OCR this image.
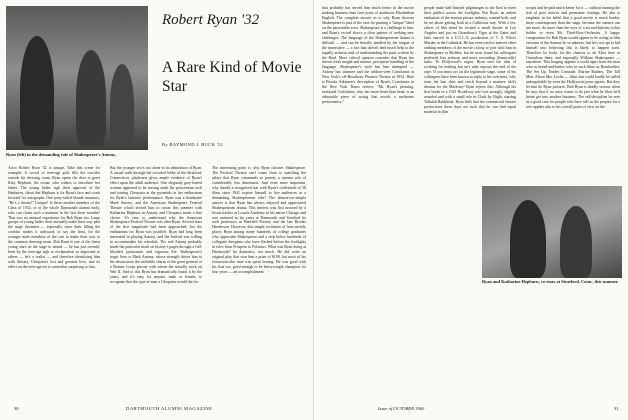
Ryan (left) in the demanding role of Shakespeare's Antony.
Robert Ryan '32
A Rare Kind of Movie Star
By RAYMOND J. BUCK '52
Actor Robert Ryan '32 is unique. Take this scene for example: A crowd of teen-age girls fills the corridor outside his dressing room. Ryan opens the door to greet Katy Hepburn, his costar, who wishes to introduce her father. The young ladies sigh their approval of the Hepburns, shout that Hepburn is for Ryan's face and crush forward for autographs. One pony-tailed blonde murmurs, "He's a dream!" Unique? Is there another member of the Class of 1932, or of the whole Dartmouth alumni body, who can claim such a moment in the last three months? That was an unusual experience for Bob Ryan too. Large groups of young ladies don't normally make their way past the stage doormen — especially since their filling the corridor makes it awkward, to say the least, for the younger male members of the cast to make their way to the common dressing room. Bob Ryan is one of the finest young stars on the stage to attend — he has just recently been by the teen-age sigh or exclamation so important to others — he's a realist — and therefore identifying him with Antony, Cleopatra's lost and greatest love, and its effect on the teen-age set is somewhat surprising to him.
But the younger set is not alone in its admiration of Ryan. A casual walk through the crowded lobby of the Stratford, Connecticut, playhouse gives ample evidence of Ryan's effect upon the adult audience. One elegantly gray-haired woman appeared to be tossing aside the proscenium arch and joining Cleopatra at the pyramids in her enthusiasm for Ryan's fantastic performance. Ryan was a handsome Mark Antony, and the American Shakespeare Festival Theatre which invited him to costar this summer with Katharine Hepburn in Antony and Cleopatra made a fine choice. It's easy to understand why the American Shakespeare Festival Theatre was after Ryan. Several stars of the first magnitude had been approached, but the enthusiasm for Ryan was justified. Ryan had long been interested in playing Antony, and the festival was willing to accommodate his schedule. The real Antony probably made the particular mark on history's pages through a full-blooded, passionate, and vigorous life. Shakespeare's tragic hero is Mark Antony, whose strength drives him to his destruction; the ineffable charm of the great general or a Roman Corps private with whom the actually work on War II. And to this Ryan has dramatically found it by the years, and it's easy for anyone, male or female, to recognize that the type of man a Cleopatra would die for.
The interesting point is why Ryan chooses Shakespeare. The Festival Theatre can't come close to matching the salary that Ryan commands to portray a cinema role of considerably less dimension. And even more important, why should a recognized star with Ryan's credentials of 58 films since 1941 expose himself to live audiences in a demanding Shakespearean role? The almost-too-simple answer is that Ryan has always enjoyed and appreciated Shakespearean drama. This interest was first aroused by a Jesuit teacher at Loyola Academy in his native Chicago and was nurtured in his years at Dartmouth and Stratford by such professors as Benfield Pressey and the late Brooks Henderson. However, this simple recitation of facts merely places Ryan among many hundreds of college graduates who appreciate Shakespeare and a step below hundreds of collegiate thespians who have flashed before the footlights in roles from Prospero to Polonius. What was Ryan doing at Dartmouth? he dramatics, not much. He did write an original play that won him a prize of $100, but most of his extracurricular time was spent boxing. He was good with his fists too, good enough to be heavyweight champion for four years — an accomplishment
30	DARTMOUTH ALUMNI MAGAZINE
that probably has served him much better in the movie making business than four years of assiduous Elizabethan English. The complete answer as to why Ryan chooses Shakespeare is part of the case for pinning a "unique" label on the personable actor. Shakespeare is a challenge to him, and Ryan's record shows a clear pattern of seeking new challenges. The language of the Shakespearean drama is difficult — and can be brutally handled by the tongue of the insensitive — a fact that doesn't lend much help to the equally arduous task of understanding the parts written by the Bard. More critical opinion concedes that Ryan has shown fresh insight and mature, perceptive handling of the language. Shakespeare's style has him attempted — Antony has summer and the seldom-seen Coriolanus at New York's off-Broadway Phoenix Theatre in 1954. Here is Brooks Atkinson's description of Ryan's Coriolanus in the New York Times review: "Mr. Ryan's pleasing, irrational Coriolanus, who has more heart than head, is an admirable piece of acting that avoids a meltsome performance."
people make half-hearted pilgrimages to the East to meet their publics across the footlights. But Ryan, an ardent enthusiast of the motion picture industry, wanted both, and he set about getting both in a California way. With a few others of like mind he recited a small theatre in Los Angeles and put on Giraudoux's Tiger at the Gates and later starred in a U.C.L.A. production of T. S. Eliot's Murder in the Cathedral. He has even tried to interest other ranking members of the movie colony to join with him in Shakespeare or Molière, but he soon found his colleagues preferred less arduous and more rewarding (financially) tasks. To Hollywood's regret, Ryan sees the idea of working for nothing but art's sake reposes the end of the rope. If you must act on the legitimate stage, some of his colleagues have been known to reply to his overtures, why wear the hair shirt and reach beyond a matinee idol's dreams for the Marlowe? Ryan rejects this. Although his first break in a 1941 Broadway role was strongly, slightly rounded and with a small role in Clash by Night, starring Tallulah Bankhead, Ryan feels that the commercial theater productions these days are such that he can find equal material in film
scripts and he paid much better for it — without running the risk of poor notices and premature closings. He also is emphatic in his belief that a good movie is much harder, more contemporary than the stage, because the camera can see more, do more than the eyes of a second-balcony ticket holder or even Mr. Third-Row-Orchestra. A happy compromise for Bob Ryan would appear to be acting in film versions of the dramas he so admires, but he's not apt to kid himself into believing this is likely to happen soon. Therefore he looks for the chances to do Eliot here or Giraudoux there, and especially William Shakespeare — anywhere. This longing appears a world apart from the man who as bread-and-butter roles in such films as Bombardier, The Set Up, Tender Comrade, Marine Raiders, The Tall Men, About Mrs. Leslie — films that could hardly be called unforgettable by even the Hollywood press agents. But they let him do Ryan pictures. Bob Ryan is deadly serious when he says that if an actor wants to do just what he likes he'd better get into another business. The self-discipline he sees as a good cure for people who have self as the prepare for a role applies also to his overall point of view on the
Ryan and Katharine Hepburn, co-stars at Stratford, Conn., this summer.
Issue of OCTOBER 1960	31
